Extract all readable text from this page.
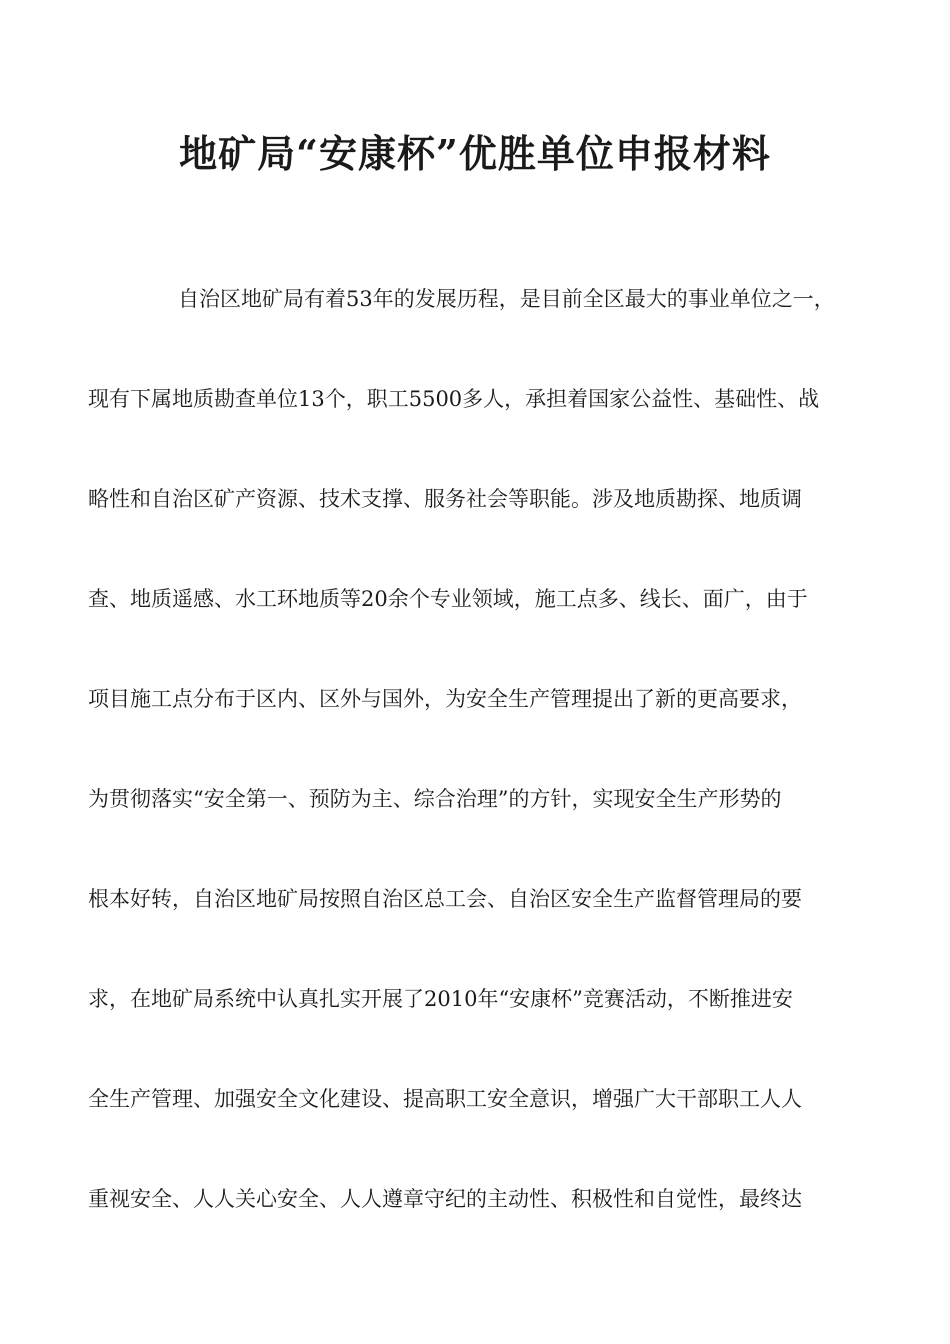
地矿局“安康杯”优胜单位申报材料
自治区地矿局有着53年的发展历程，是目前全区最大的事业单位之一，
现有下属地质勘查单位13个，职工5500多人，承担着国家公益性、基础性、战
略性和自治区矿产资源、技术支撑、服务社会等职能。涉及地质勘探、地质调
查、地质遥感、水工环地质等20余个专业领域，施工点多、线长、面广，由于
项目施工点分布于区内、区外与国外，为安全生产管理提出了新的更高要求，
为贯彻落实“安全第一、预防为主、综合治理”的方针，实现安全生产形势的
根本好转，自治区地矿局按照自治区总工会、自治区安全生产监督管理局的要
求，在地矿局系统中认真扎实开展了2010年“安康杯”竞赛活动，不断推进安
全生产管理、加强安全文化建设、提高职工安全意识，增强广大干部职工人人
重视安全、人人关心安全、人人遵章守纪的主动性、积极性和自觉性，最终达
